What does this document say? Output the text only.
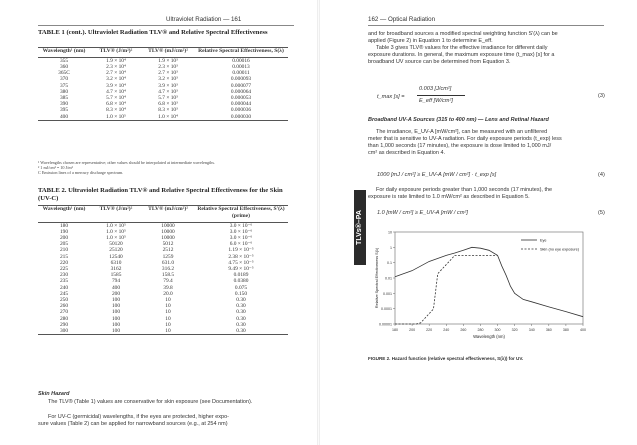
Ultraviolet Radiation — 161
TABLE 1 (cont.). Ultraviolet Radiation TLV® and Relative Spectral Effectiveness
Wavelength¹ (nm)	TLV® (J/m²)²	TLV® (mJ/cm²)²	Relative Spectral Effectiveness, S(λ)
355	1.9 × 10⁴	1.9 × 10³	0.00016
360	2.3 × 10⁴	2.3 × 10³	0.00013
365C	2.7 × 10⁴	2.7 × 10³	0.00011
370	3.2 × 10⁴	3.2 × 10³	0.000093
375	3.9 × 10⁴	3.9 × 10³	0.000077
380	4.7 × 10⁴	4.7 × 10³	0.000064
385	5.7 × 10⁴	5.7 × 10³	0.000053
390	6.8 × 10⁴	6.8 × 10³	0.000044
395	8.3 × 10⁴	8.3 × 10³	0.000036
400	1.0 × 10⁵	1.0 × 10⁴	0.000030
¹ Wavelengths chosen are representative; other values should be interpolated at intermediate wavelengths.
² 1 mJ/cm² = 10 J/m²
C Emission lines of a mercury discharge spectrum.
TABLE 2. Ultraviolet Radiation TLV® and Relative Spectral Effectiveness for the Skin (UV-C)
Wavelength¹ (nm)	TLV® (J/m²)²	TLV® (mJ/cm²)²	Relative Spectral Effectiveness, S'(λ) (prime)
180	1.0 × 10⁵	10000	3.0 × 10⁻⁶
190	1.0 × 10⁵	10000	3.0 × 10⁻⁶
200	1.0 × 10⁵	10000	3.0 × 10⁻⁶
205	50120	5012	6.0 × 10⁻⁶
210	25120	2512	1.19 × 10⁻⁵
215	12540	1259	2.38 × 10⁻⁵
220	6310	631.0	4.75 × 10⁻⁵
225	3162	316.2	9.49 × 10⁻⁵
230	1585	158.5	0.0189
235	794	79.4	0.0380
240	400	39.8	0.075
245	200	20.0	0.150
250	100	10	0.30
260	100	10	0.30
270	100	10	0.30
280	100	10	0.30
290	100	10	0.30
300	100	10	0.30
Skin Hazard
The TLV® (Table 1) values are conservative for skin exposure (see Documentation).
For UV-C (germicidal) wavelengths, if the eyes are protected, higher expo-
sure values (Table 2) can be applied for narrowband sources (e.g., at 254 nm)
162 — Optical Radiation
and for broadband sources a modified spectral weighting function S'(λ) can be
applied (Figure 2) in Equation 1 to determine E_eff.
Table 3 gives TLV® values for the effective irradiance for different daily
exposure durations. In general, the maximum exposure time (t_max) [s] for a
broadband UV source can be determined from Equation 3.
t_max [s] =
0.003 [J/cm²]
E_eff [W/cm²]
(3)
Broadband UV-A Sources (315 to 400 nm) — Lens and Retinal Hazard
The irradiance, E_UV-A [mW/cm²], can be measured with an unfiltered
meter that is sensitive to UV-A radiation. For daily exposure periods (t_exp) less
than 1,000 seconds (17 minutes), the exposure is dose limited to 1,000 mJ/
cm² as described in Equation 4.
1000 [mJ / cm²] ≥ E_UV-A [mW / cm²] · t_exp [s]	(4)
For daily exposure periods greater than 1,000 seconds (17 minutes), the
exposure is rate limited to 1.0 mW/cm² as described in Equation 5.
1.0 [mW / cm²] ≥ E_UV-A [mW / cm²]	(5)
TLVs®–PA	10
1
0.1
0.01
0.001
0.0001
0.00001
180	200	220	240	260	280	300	320	340	360	380	400
Wavelength (nm)
Relative Spectral Effectiveness S(λ)
Eye
Skin (no eye exposure)
FIGURE 2. Hazard function (relative spectral effectiveness, S(λ)) for UV.
